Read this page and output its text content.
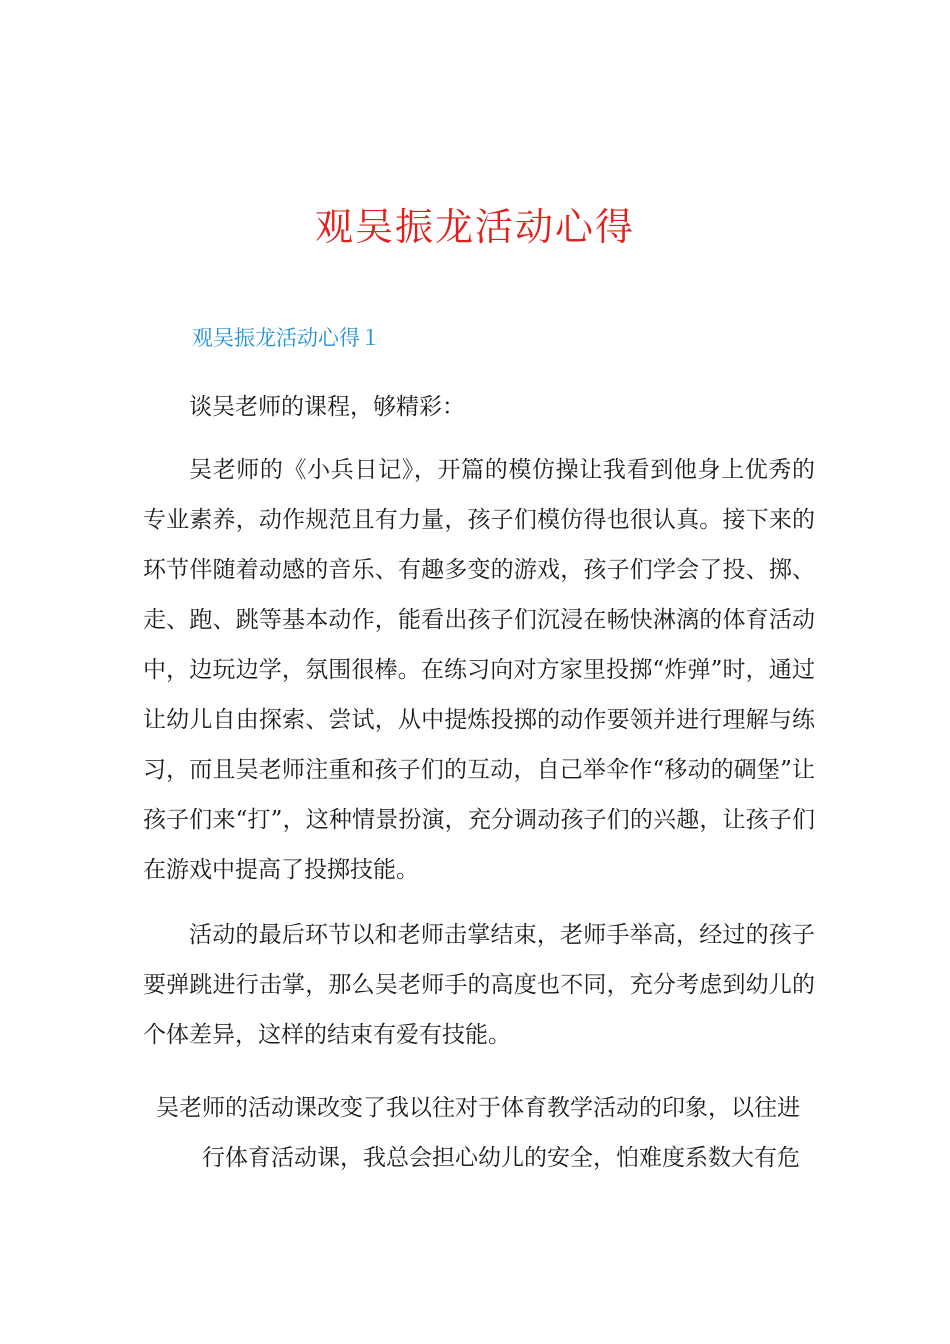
观吴振龙活动心得
观吴振龙活动心得１

谈吴老师的课程，够精彩：

吴老师的《小兵日记》，开篇的模仿操让我看到他身上优秀的专业素养，动作规范且有力量，孩子们模仿得也很认真。接下来的环节伴随着动感的音乐、有趣多变的游戏，孩子们学会了投、掷、走、跑、跳等基本动作，能看出孩子们沉浸在畅快淋漓的体育活动中，边玩边学，氛围很棒。在练习向对方家里投掷“炸弹”时，通过让幼儿自由探索、尝试，从中提炼投掷的动作要领并进行理解与练习，而且吴老师注重和孩子们的互动，自己举伞作“移动的碉堡”让孩子们来“打”，这种情景扮演，充分调动孩子们的兴趣，让孩子们在游戏中提高了投掷技能。

活动的最后环节以和老师击掌结束，老师手举高，经过的孩子要弹跳进行击掌，那么吴老师手的高度也不同，充分考虑到幼儿的个体差异，这样的结束有爱有技能。

吴老师的活动课改变了我以往对于体育教学活动的印象，以往进
行体育活动课，我总会担心幼儿的安全，怕难度系数大有危
